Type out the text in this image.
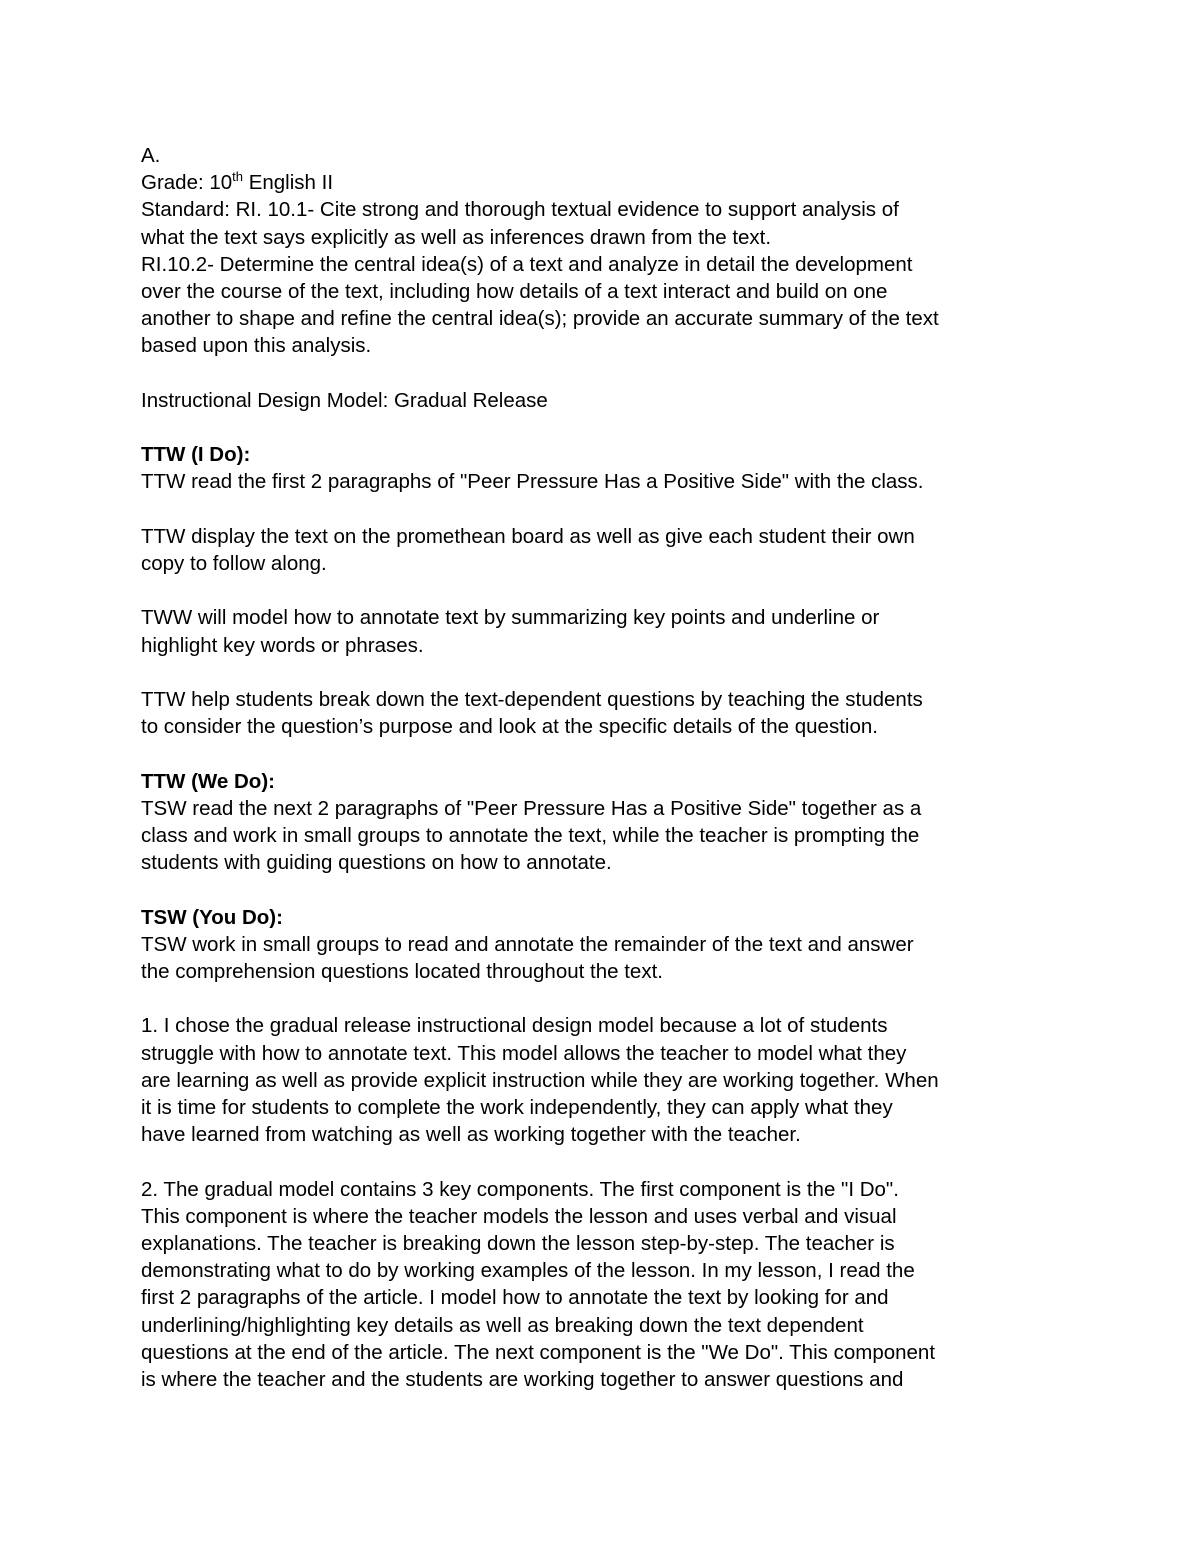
A.
Grade: 10th English II
Standard: RI. 10.1- Cite strong and thorough textual evidence to support analysis of
what the text says explicitly as well as inferences drawn from the text.
RI.10.2- Determine the central idea(s) of a text and analyze in detail the development
over the course of the text, including how details of a text interact and build on one
another to shape and refine the central idea(s); provide an accurate summary of the text
based upon this analysis.
Instructional Design Model: Gradual Release
TTW (I Do):
TTW read the first 2 paragraphs of "Peer Pressure Has a Positive Side" with the class.
TTW display the text on the promethean board as well as give each student their own
copy to follow along.
TWW will model how to annotate text by summarizing key points and underline or
highlight key words or phrases.
TTW help students break down the text-dependent questions by teaching the students
to consider the question’s purpose and look at the specific details of the question.
TTW (We Do):
TSW read the next 2 paragraphs of "Peer Pressure Has a Positive Side" together as a
class and work in small groups to annotate the text, while the teacher is prompting the
students with guiding questions on how to annotate.
TSW (You Do):
TSW work in small groups to read and annotate the remainder of the text and answer
the comprehension questions located throughout the text.
1. I chose the gradual release instructional design model because a lot of students
struggle with how to annotate text. This model allows the teacher to model what they
are learning as well as provide explicit instruction while they are working together. When
it is time for students to complete the work independently, they can apply what they
have learned from watching as well as working together with the teacher.
2. The gradual model contains 3 key components. The first component is the "I Do".
This component is where the teacher models the lesson and uses verbal and visual
explanations. The teacher is breaking down the lesson step-by-step. The teacher is
demonstrating what to do by working examples of the lesson. In my lesson, I read the
first 2 paragraphs of the article. I model how to annotate the text by looking for and
underlining/highlighting key details as well as breaking down the text dependent
questions at the end of the article. The next component is the "We Do". This component
is where the teacher and the students are working together to answer questions and
